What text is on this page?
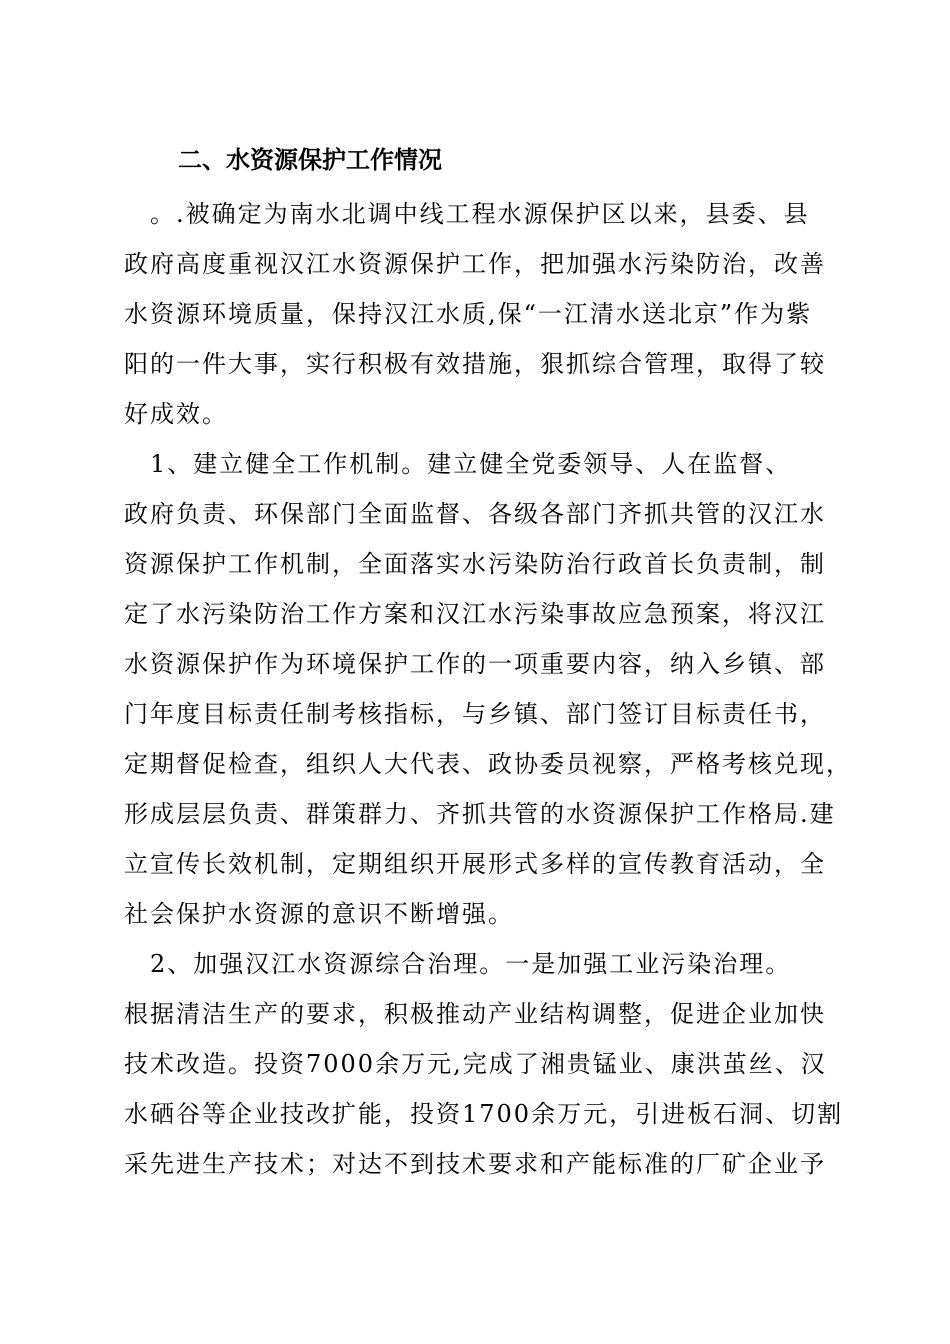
二、水资源保护工作情况
　。.被确定为南水北调中线工程水源保护区以来，县委、县
政府高度重视汉江水资源保护工作，把加强水污染防治，改善
水资源环境质量，保持汉江水质,保“一江清水送北京”作为紫
阳的一件大事，实行积极有效措施，狠抓综合管理，取得了较
好成效。
　1、建立健全工作机制。建立健全党委领导、人在监督、
政府负责、环保部门全面监督、各级各部门齐抓共管的汉江水
资源保护工作机制，全面落实水污染防治行政首长负责制，制
定了水污染防治工作方案和汉江水污染事故应急预案，将汉江
水资源保护作为环境保护工作的一项重要内容，纳入乡镇、部
门年度目标责任制考核指标，与乡镇、部门签订目标责任书，
定期督促检查，组织人大代表、政协委员视察，严格考核兑现，
形成层层负责、群策群力、齐抓共管的水资源保护工作格局.建
立宣传长效机制，定期组织开展形式多样的宣传教育活动，全
社会保护水资源的意识不断增强。
　2、加强汉江水资源综合治理。一是加强工业污染治理。
根据清洁生产的要求，积极推动产业结构调整，促进企业加快
技术改造。投资7000余万元,完成了湘贵锰业、康洪茧丝、汉
水硒谷等企业技改扩能，投资1700余万元，引进板石洞、切割
采先进生产技术；对达不到技术要求和产能标准的厂矿企业予
